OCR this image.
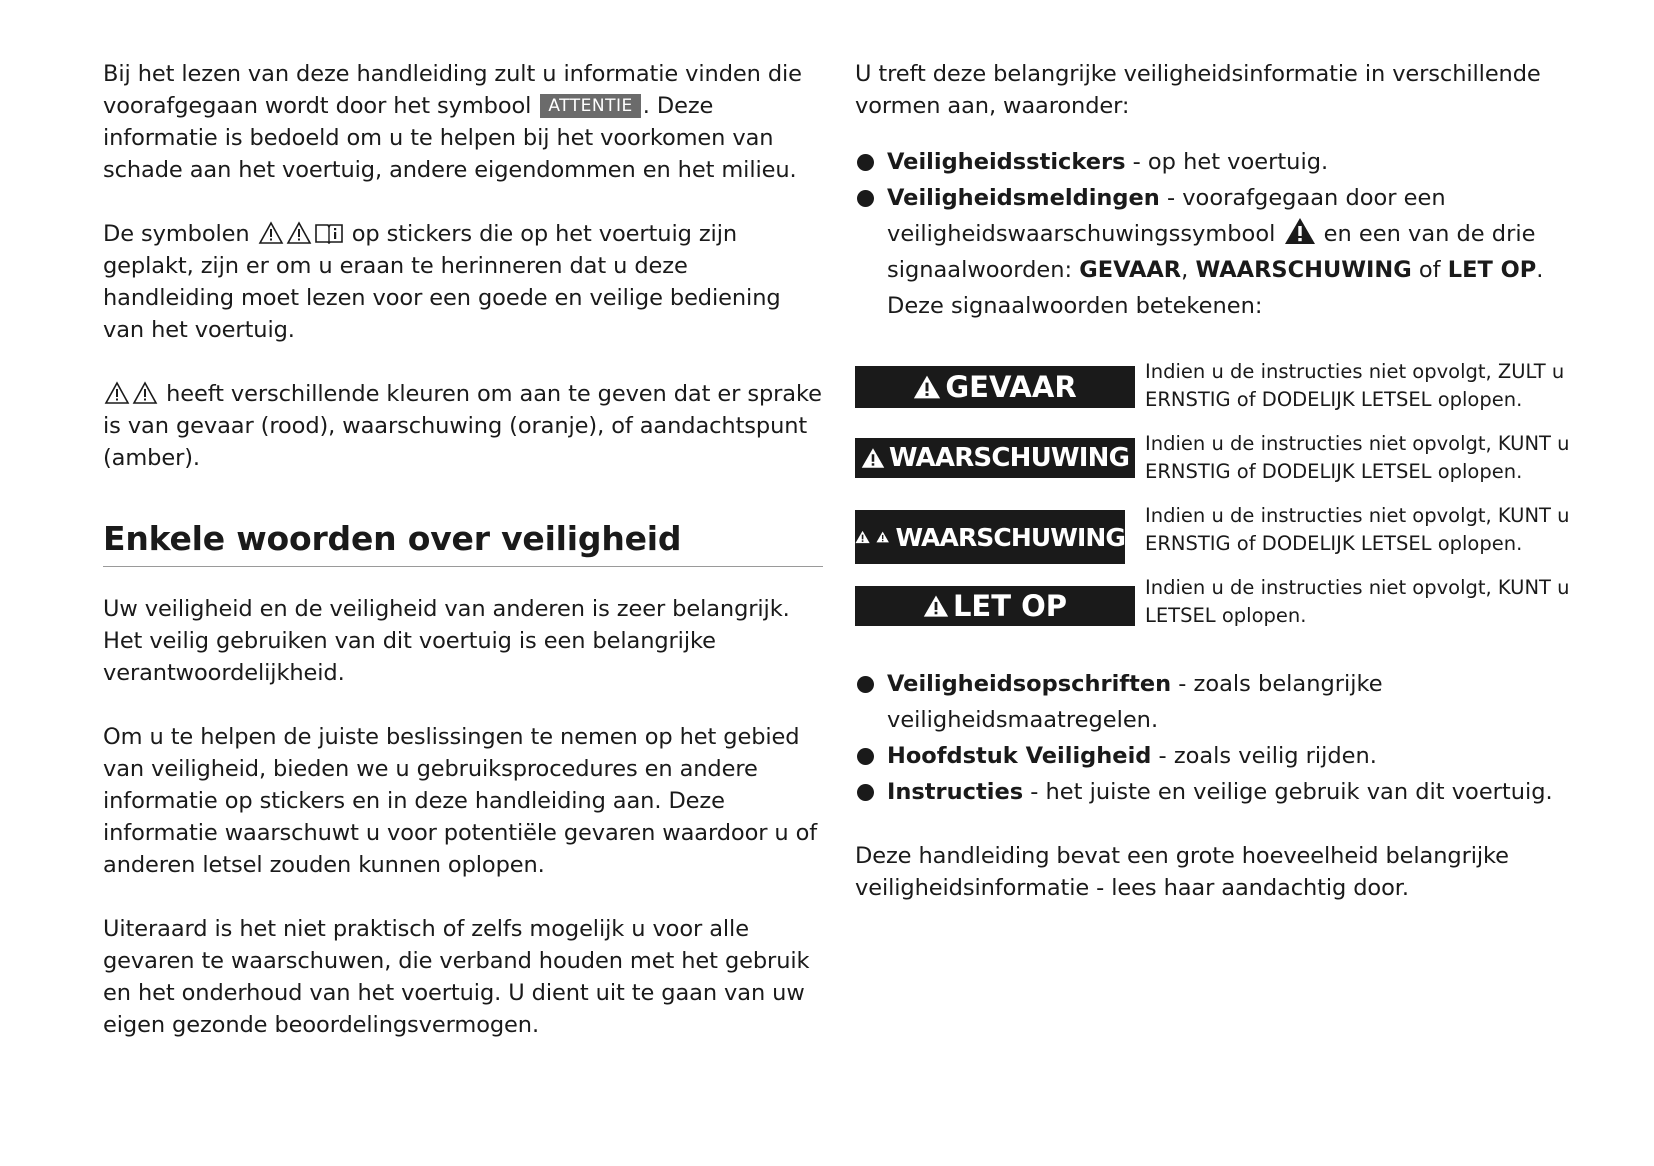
Bij het lezen van deze handleiding zult u informatie vinden die voorafgegaan wordt door het symbool ATTENTIE . Deze informatie is bedoeld om u te helpen bij het voorkomen van schade aan het voertuig, andere eigendommen en het milieu.

De symbolen	op stickers die op het voertuig zijn geplakt, zijn er om u eraan te herinneren dat u deze handleiding moet lezen voor een goede en veilige bediening van het voertuig.

heeft verschillende kleuren om aan te geven dat er sprake is van gevaar (rood), waarschuwing (oranje), of aandachtspunt (amber).

Enkele woorden over veiligheid

Uw veiligheid en de veiligheid van anderen is zeer belangrijk. Het veilig gebruiken van dit voertuig is een belangrijke verantwoordelijkheid.

Om u te helpen de juiste beslissingen te nemen op het gebied van veiligheid, bieden we u gebruiksprocedures en andere informatie op stickers en in deze handleiding aan. Deze informatie waarschuwt u voor potentiële gevaren waardoor u of anderen letsel zouden kunnen oplopen.

Uiteraard is het niet praktisch of zelfs mogelijk u voor alle gevaren te waarschuwen, die verband houden met het gebruik en het onderhoud van het voertuig. U dient uit te gaan van uw eigen gezonde beoordelingsvermogen.

U treft deze belangrijke veiligheidsinformatie in verschillende vormen aan, waaronder:

Veiligheidsstickers - op het voertuig.
Veiligheidsmeldingen - voorafgegaan door een veiligheidswaarschuwingssymbool
en een van de drie signaalwoorden: GEVAAR, WAARSCHUWING of LET OP.
Deze signaalwoorden betekenen:
GEVAAR	Indien u de instructies niet opvolgt, ZULT u ERNSTIG of DODELIJK LETSEL oplopen.
WAARSCHUWING Indien u de instructies niet opvolgt, KUNT u ERNSTIG of DODELIJK LETSEL oplopen.
WAARSCHUWING
Indien u de instructies niet opvolgt, KUNT u ERNSTIG of DODELIJK LETSEL oplopen.
LET OP
Indien u de instructies niet opvolgt, KUNT u LETSEL oplopen.
Veiligheidsopschriften - zoals belangrijke veiligheidsmaatregelen.
Hoofdstuk Veiligheid - zoals veilig rijden.
Instructies - het juiste en veilige gebruik van dit voertuig.

Deze handleiding bevat een grote hoeveelheid belangrijke veiligheidsinformatie - lees haar aandachtig door.
